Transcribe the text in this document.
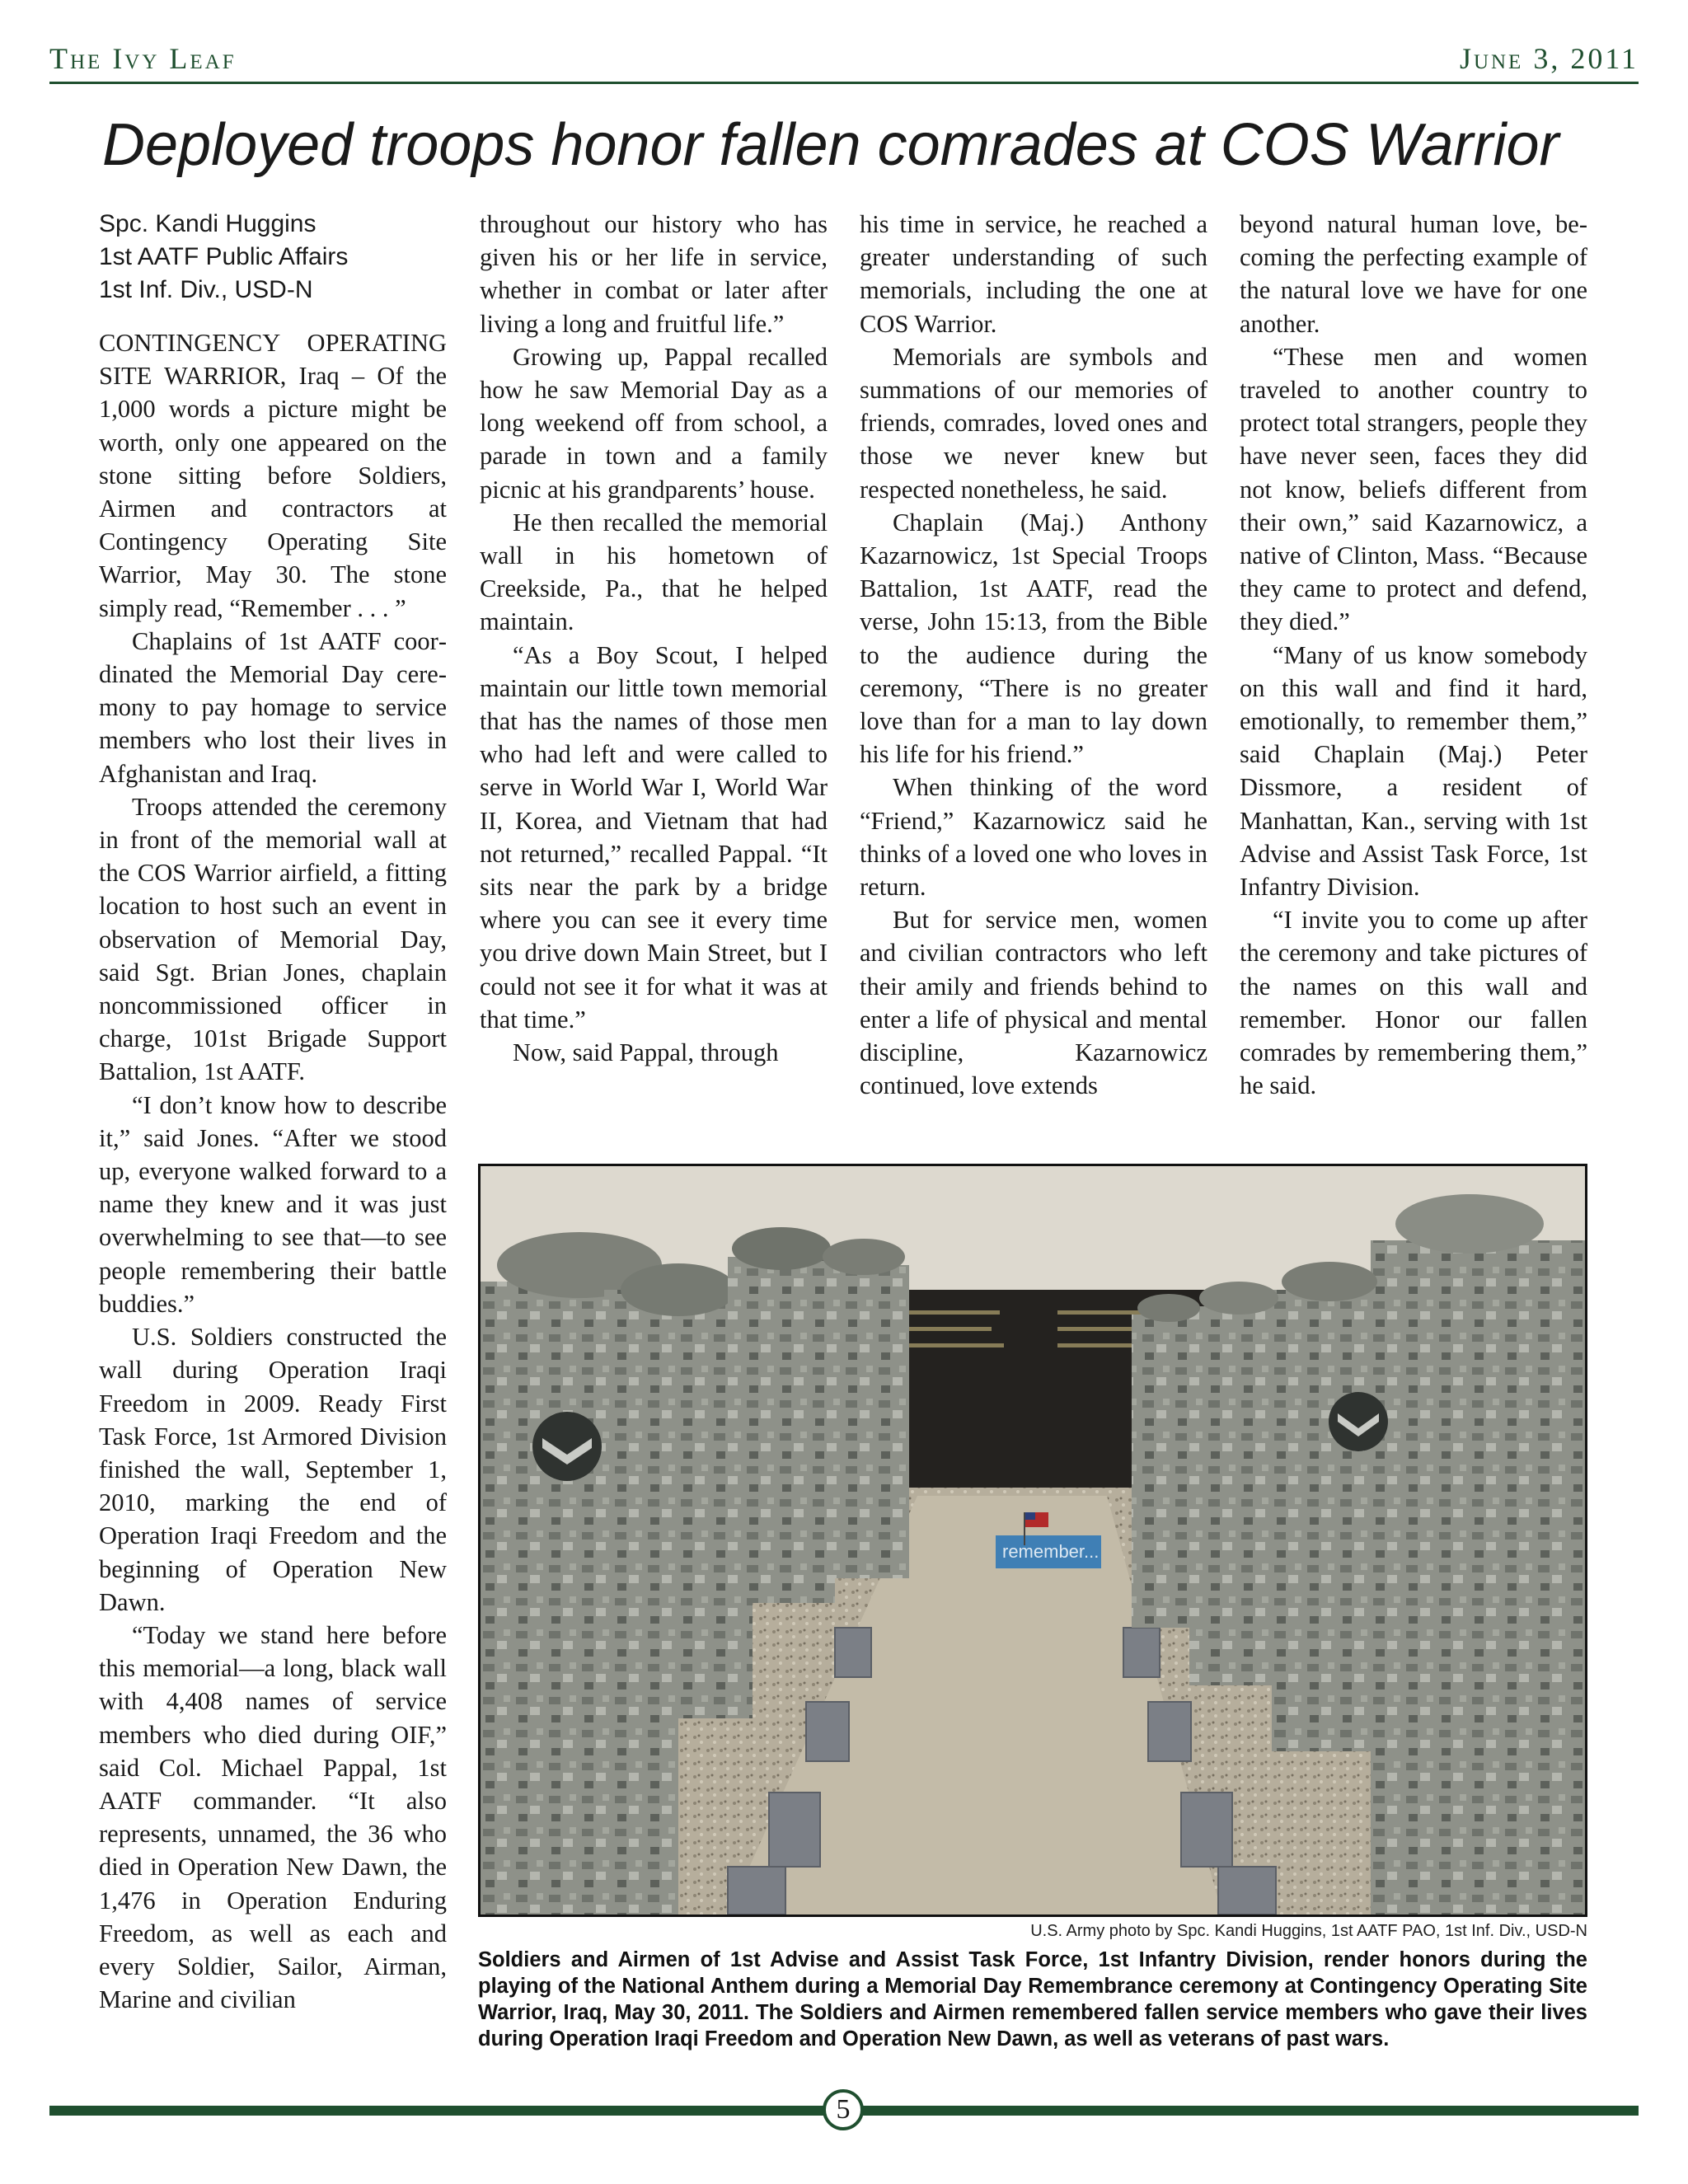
The Ivy Leaf	June 3, 2011
Deployed troops honor fallen comrades at COS Warrior
Spc. Kandi Huggins
1st AATF Public Affairs
1st Inf. Div., USD-N

CONTINGENCY OPERATING SITE WARRIOR, Iraq – Of the 1,000 words a picture might be worth, only one appeared on the stone sitting before Soldiers, Airmen and contractors at Contingency Operating Site Warrior, May 30. The stone simply read, “Remember . . . ”

Chaplains of 1st AATF coordinated the Memorial Day ceremony to pay homage to service members who lost their lives in Afghanistan and Iraq.

Troops attended the ceremony in front of the memorial wall at the COS Warrior airfield, a fitting location to host such an event in observation of Memorial Day, said Sgt. Brian Jones, chaplain noncommissioned officer in charge, 101st Brigade Support Battalion, 1st AATF.

“I don’t know how to describe it,” said Jones. “After we stood up, everyone walked forward to a name they knew and it was just overwhelming to see that—to see people remembering their battle buddies.”

U.S. Soldiers constructed the wall during Operation Iraqi Freedom in 2009. Ready First Task Force, 1st Armored Division finished the wall, September 1, 2010, marking the end of Operation Iraqi Freedom and the beginning of Operation New Dawn.

“Today we stand here before this memorial—a long, black wall with 4,408 names of service members who died during OIF,” said Col. Michael Pappal, 1st AATF commander. “It also represents, unnamed, the 36 who died in Operation New Dawn, the 1,476 in Operation Enduring Freedom, as well as each and every Soldier, Sailor, Airman, Marine and civilian

throughout our history who has given his or her life in service, whether in combat or later after living a long and fruitful life.”

Growing up, Pappal recalled how he saw Memorial Day as a long weekend off from school, a parade in town and a family picnic at his grandparents’ house.

He then recalled the memorial wall in his hometown of Creekside, Pa., that he helped maintain.

“As a Boy Scout, I helped maintain our little town memorial that has the names of those men who had left and were called to serve in World War I, World War II, Korea, and Vietnam that had not returned,” recalled Pappal. “It sits near the park by a bridge where you can see it every time you drive down Main Street, but I could not see it for what it was at that time.”

Now, said Pappal, through

his time in service, he reached a greater understanding of such memorials, including the one at COS Warrior.

Memorials are symbols and summations of our memories of friends, comrades, loved ones and those we never knew but respected nonetheless, he said.

Chaplain (Maj.) Anthony Kazarnowicz, 1st Special Troops Battalion, 1st AATF, read the verse, John 15:13, from the Bible to the audience during the ceremony, “There is no greater love than for a man to lay down his life for his friend.”

When thinking of the word “Friend,” Kazarnowicz said he thinks of a loved one who loves in return.

But for service men, women and civilian contractors who left their amily and friends behind to enter a life of physical and mental discipline, Kazarnowicz continued, love extends

beyond natural human love, becoming the perfecting example of the natural love we have for one another.

“These men and women traveled to another country to protect total strangers, people they have never seen, faces they did not know, beliefs different from their own,” said Kazarnowicz, a native of Clinton, Mass. “Because they came to protect and defend, they died.”

“Many of us know somebody on this wall and find it hard, emotionally, to remember them,” said Chaplain (Maj.) Peter Dissmore, a resident of Manhattan, Kan., serving with 1st Advise and Assist Task Force, 1st Infantry Division.

“I invite you to come up after the ceremony and take pictures of the names on this wall and remember. Honor our fallen comrades by remembering them,” he said.

remember...
U.S. Army photo by Spc. Kandi Huggins, 1st AATF PAO, 1st Inf. Div., USD-N
Soldiers and Airmen of 1st Advise and Assist Task Force, 1st Infantry Division, render honors during the playing of the National Anthem during a Memorial Day Remembrance ceremony at Contingency Operating Site Warrior, Iraq, May 30, 2011. The Soldiers and Airmen remembered fallen service members who gave their lives during Operation Iraqi Freedom and Operation New Dawn, as well as veterans of past wars.
5
